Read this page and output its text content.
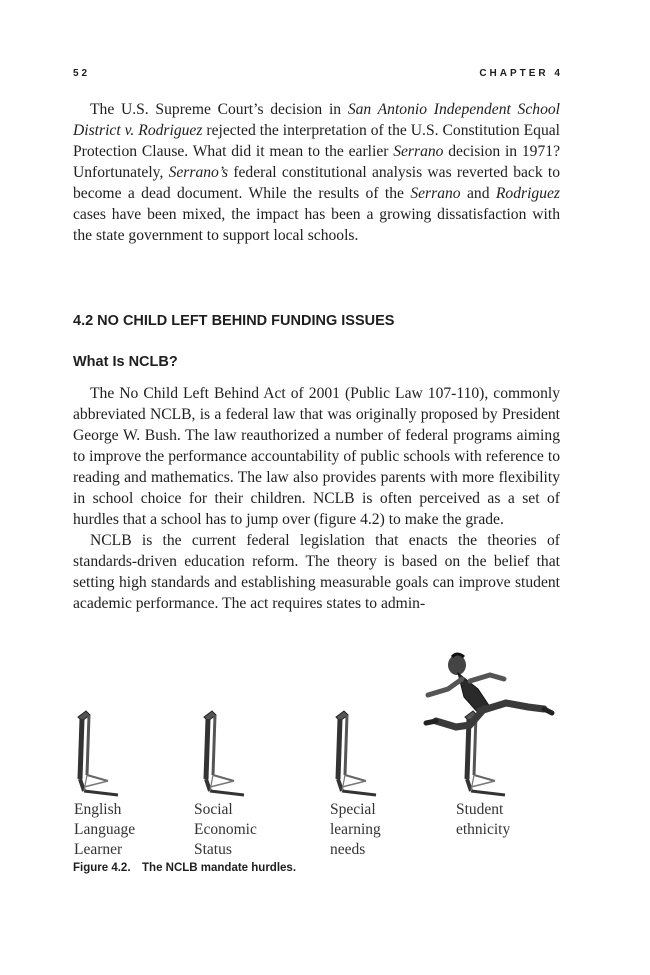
52	CHAPTER 4

The U.S. Supreme Court’s decision in San Antonio Independent School District v. Rodriguez rejected the interpretation of the U.S. Constitution Equal Protection Clause. What did it mean to the earlier Serrano decision in 1971? Unfortunately, Serrano’s federal constitutional analysis was reverted back to become a dead document. While the results of the Serrano and Rodriguez cases have been mixed, the impact has been a growing dissatisfaction with the state government to support local schools.

4.2 NO CHILD LEFT BEHIND FUNDING ISSUES
What Is NCLB?

The No Child Left Behind Act of 2001 (Public Law 107-110), commonly abbreviated NCLB, is a federal law that was originally proposed by President George W. Bush. The law reauthorized a number of federal programs aiming to improve the performance accountability of public schools with reference to reading and mathematics. The law also provides parents with more flexibility in school choice for their children. NCLB is often perceived as a set of hurdles that a school has to jump over (figure 4.2) to make the grade.

NCLB is the current federal legislation that enacts the theories of standards-driven education reform. The theory is based on the belief that setting high standards and establishing measurable goals can improve student academic performance. The act requires states to admin-

English
Language
Learner
Social
Economic
Status
Special
learning
needs
Student
ethnicity
Figure 4.2. The NCLB mandate hurdles.
